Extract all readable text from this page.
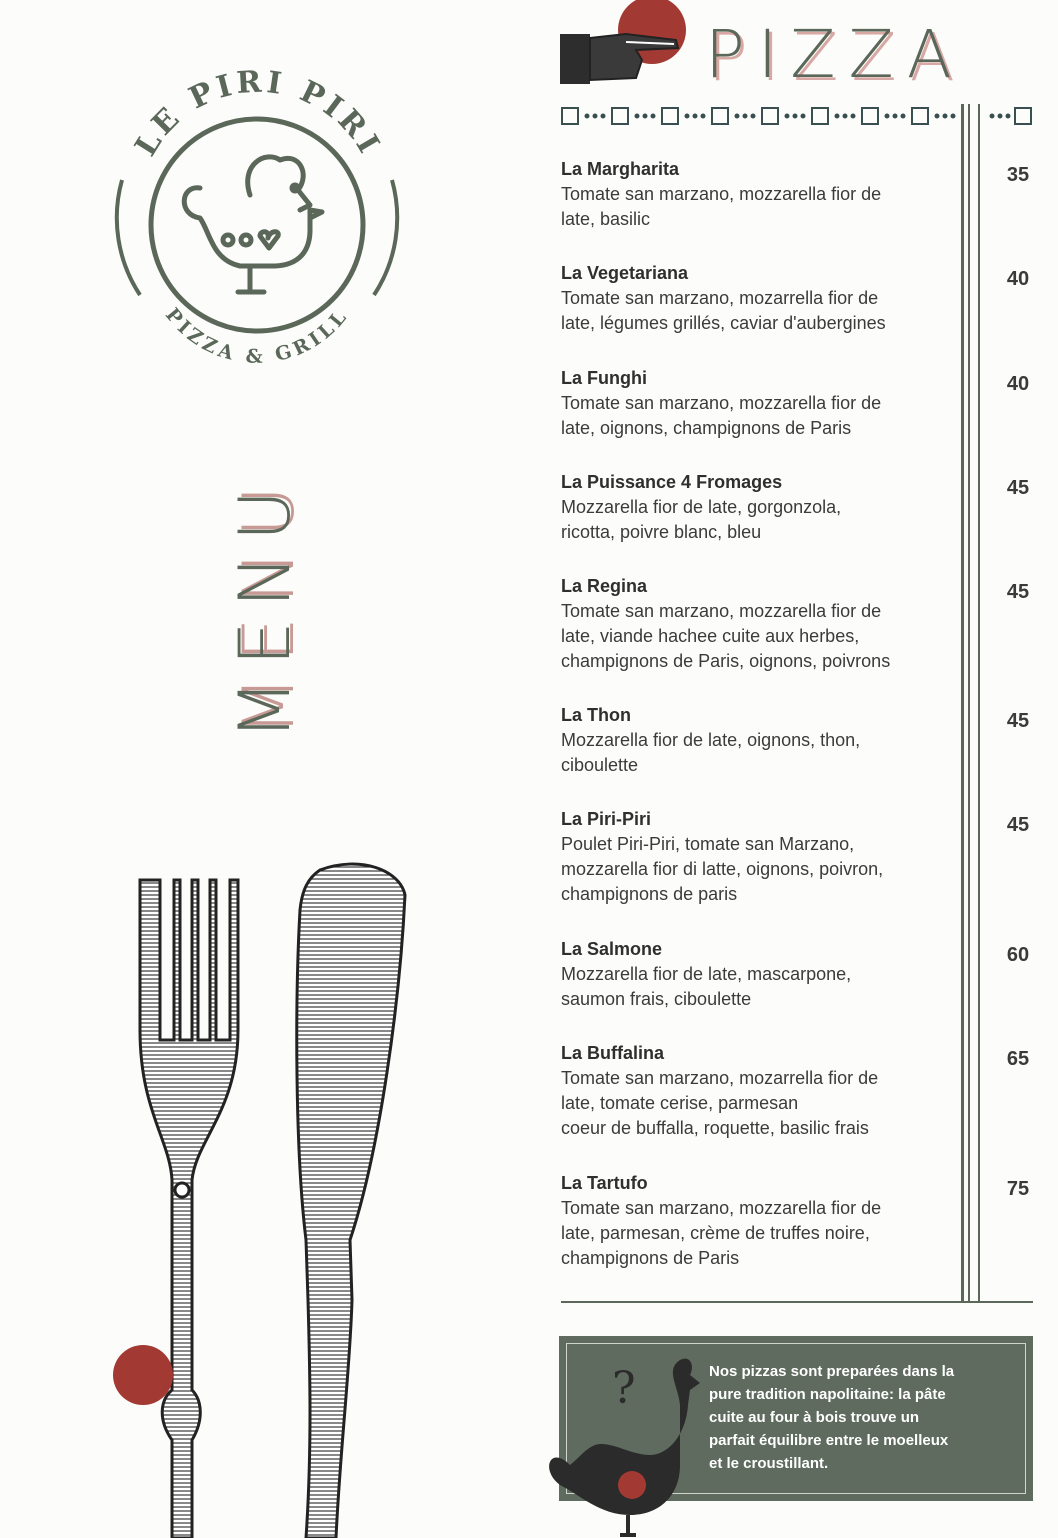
LE PIRI PIRI
PIZZA & GRILL
MENU
PIZZA
La Margharita
Tomate san marzano, mozzarella fior de
late, basilic
35
La Vegetariana
Tomate san marzano, mozarrella fior de
late, légumes grillés, caviar d'aubergines
40
La Funghi
Tomate san marzano, mozzarella fior de
late, oignons, champignons de Paris
40
La Puissance 4 Fromages
Mozzarella fior de late, gorgonzola,
ricotta, poivre blanc, bleu
45
La Regina
Tomate san marzano, mozzarella fior de
late, viande hachee cuite aux herbes,
champignons de Paris, oignons, poivrons
45
La Thon
Mozzarella fior de late, oignons, thon,
ciboulette
45
La Piri-Piri
Poulet Piri-Piri, tomate san Marzano,
mozzarella fior di latte, oignons, poivron,
champignons de paris
45
La Salmone
Mozzarella fior de late, mascarpone,
saumon frais, ciboulette
60
La Buffalina
Tomate san marzano, mozarrella fior de
late, tomate cerise, parmesan
coeur de buffalla, roquette, basilic frais
65
La Tartufo
Tomate san marzano, mozzarella fior de
late, parmesan, crème de truffes noire,
champignons de Paris
75
Nos pizzas sont preparées dans la
pure tradition napolitaine: la pâte
cuite au four à bois trouve un
parfait équilibre entre le moelleux
et le croustillant.
?
